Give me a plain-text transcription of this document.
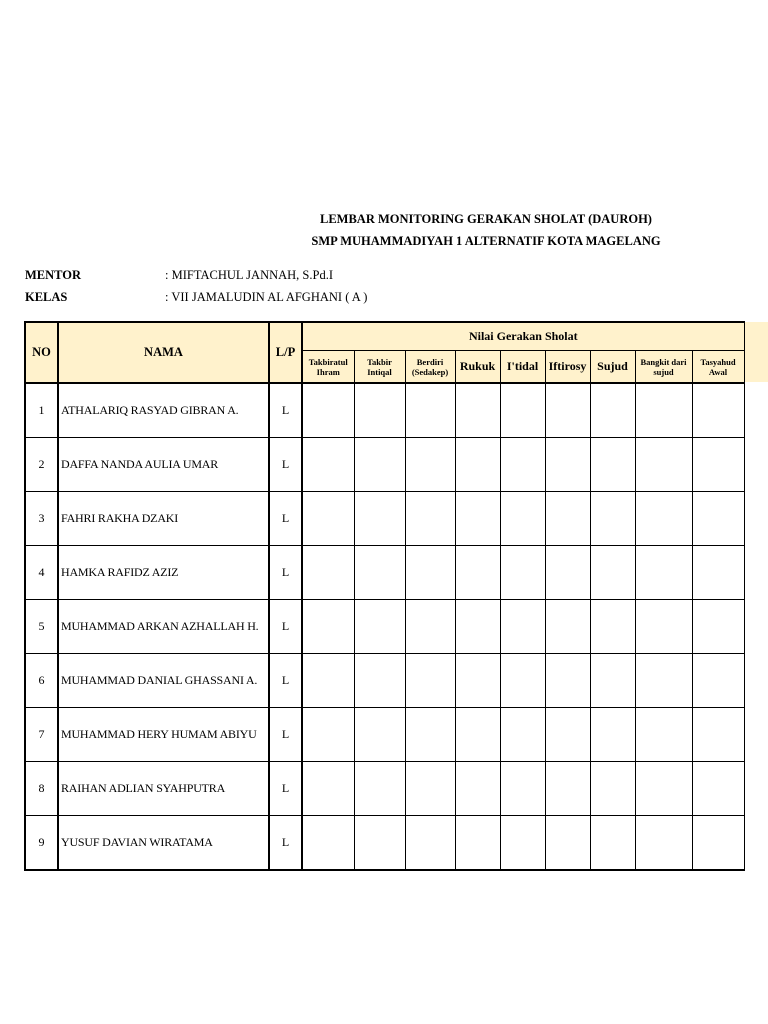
LEMBAR MONITORING GERAKAN SHOLAT (DAUROH)
SMP MUHAMMADIYAH 1 ALTERNATIF KOTA MAGELANG
MENTOR	: MIFTACHUL JANNAH, S.Pd.I
KELAS	: VII JAMALUDIN AL AFGHANI ( A )
NO	NAMA	L/P	Nilai Gerakan Sholat								
			Takbiratul Ihram	Takbir Intiqal	Berdiri (Sedakep)	Rukuk	I'tidal	Iftirosy	Sujud	Bangkit dari sujud	Tasyahud Awal
1	ATHALARIQ RASYAD GIBRAN A.	L									
2	DAFFA NANDA AULIA UMAR	L									
3	FAHRI RAKHA DZAKI	L									
4	HAMKA RAFIDZ AZIZ	L									
5	MUHAMMAD ARKAN AZHALLAH H.	L									
6	MUHAMMAD DANIAL GHASSANI A.	L									
7	MUHAMMAD HERY HUMAM ABIYU	L									
8	RAIHAN ADLIAN SYAHPUTRA	L									
9	YUSUF DAVIAN WIRATAMA	L									
